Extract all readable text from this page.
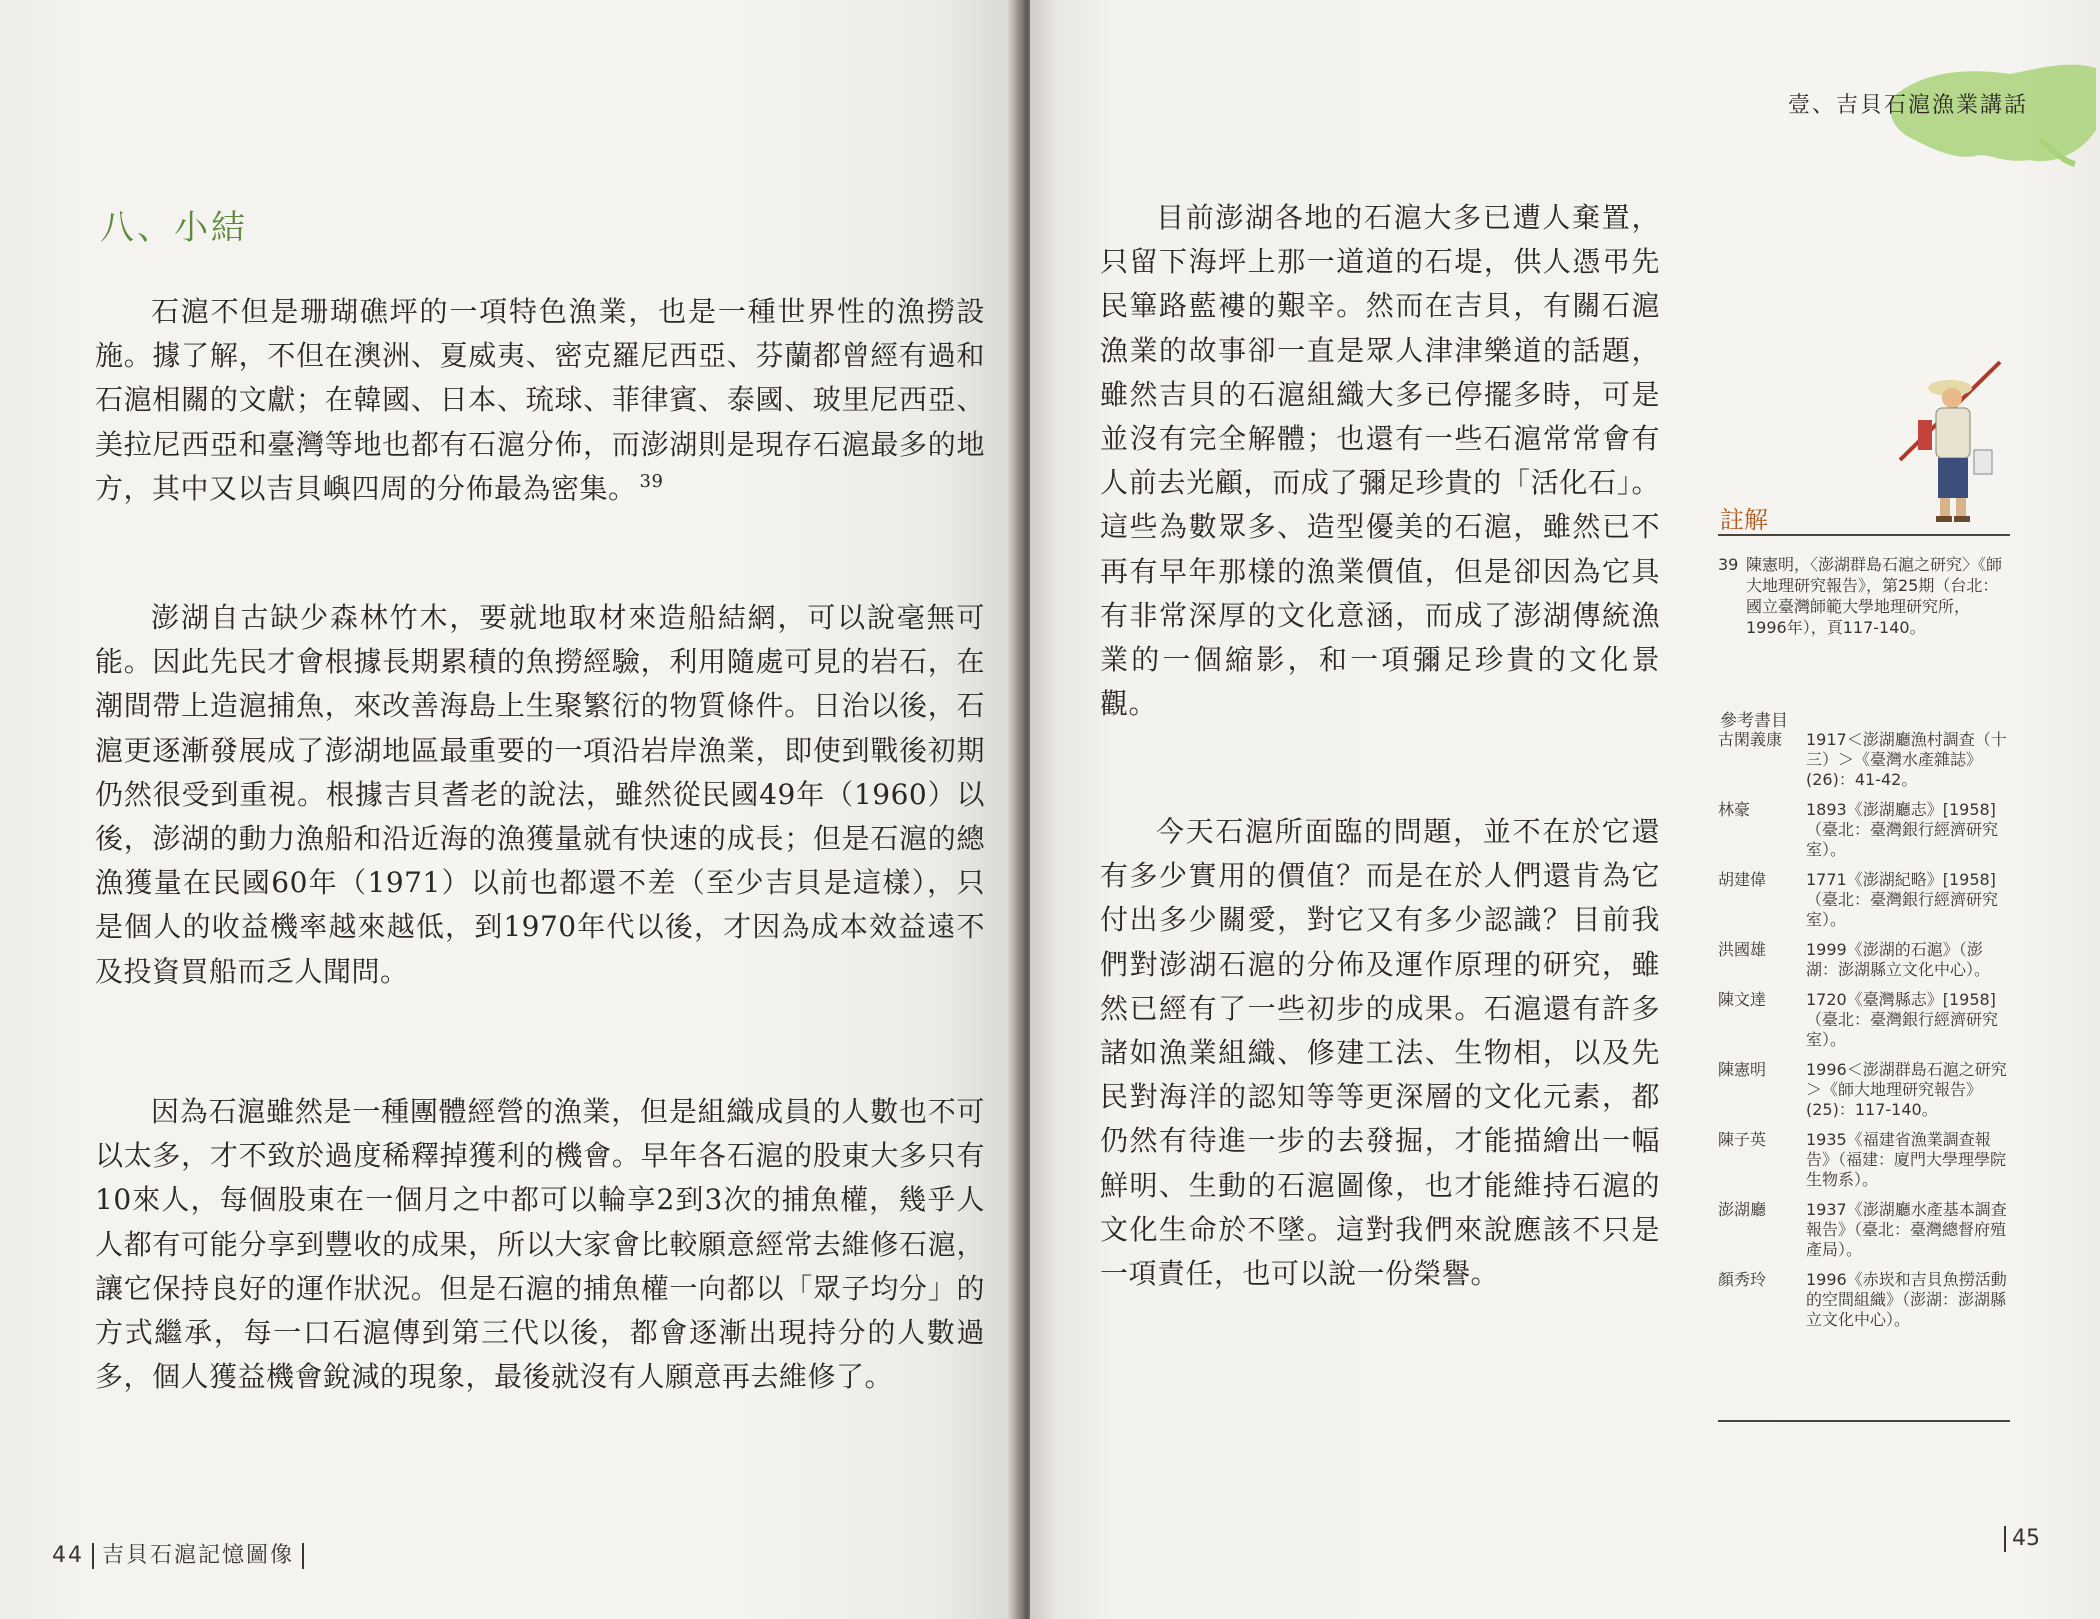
八、小結

石滬不但是珊瑚礁坪的一項特色漁業，也是一種世界性的漁撈設施。據了解，不但在澳洲、夏威夷、密克羅尼西亞、芬蘭都曾經有過和石滬相關的文獻；在韓國、日本、琉球、菲律賓、泰國、玻里尼西亞、美拉尼西亞和臺灣等地也都有石滬分佈，而澎湖則是現存石滬最多的地方，其中又以吉貝嶼四周的分佈最為密集。 $^{39}$

澎湖自古缺少森林竹木，要就地取材來造船結網，可以說毫無可能。因此先民才會根據長期累積的魚撈經驗，利用隨處可見的岩石，在潮間帶上造滬捕魚，來改善海島上生聚繁衍的物質條件。日治以後，石滬更逐漸發展成了澎湖地區最重要的一項沿岩岸漁業，即使到戰後初期仍然很受到重視。根據吉貝耆老的說法，雖然從民國49年（1960）以後，澎湖的動力漁船和沿近海的漁獲量就有快速的成長；但是石滬的總漁獲量在民國60年（1971）以前也都還不差（至少吉貝是這樣），只是個人的收益機率越來越低，到1970年代以後，才因為成本效益遠不及投資買船而乏人聞問。

因為石滬雖然是一種團體經營的漁業，但是組織成員的人數也不可以太多，才不致於過度稀釋掉獲利的機會。早年各石滬的股東大多只有10來人，每個股東在一個月之中都可以輪享2到3次的捕魚權，幾乎人人都有可能分享到豐收的成果，所以大家會比較願意經常去維修石滬，讓它保持良好的運作狀況。但是石滬的捕魚權一向都以「眾子均分」的方式繼承，每一口石滬傳到第三代以後，都會逐漸出現持分的人數過多，個人獲益機會銳減的現象，最後就沒有人願意再去維修了。

44 吉貝石滬記憶圖像
壹、吉貝石滬漁業講話

目前澎湖各地的石滬大多已遭人棄置，只留下海坪上那一道道的石堤，供人憑弔先民篳路藍褸的艱辛。然而在吉貝，有關石滬漁業的故事卻一直是眾人津津樂道的話題，雖然吉貝的石滬組織大多已停擺多時，可是並沒有完全解體；也還有一些石滬常常會有人前去光顧，而成了彌足珍貴的「活化石」。這些為數眾多、造型優美的石滬，雖然已不再有早年那樣的漁業價值，但是卻因為它具有非常深厚的文化意涵，而成了澎湖傳統漁業的一個縮影，和一項彌足珍貴的文化景觀。

今天石滬所面臨的問題，並不在於它還有多少實用的價值？而是在於人們還肯為它付出多少關愛，對它又有多少認識？目前我們對澎湖石滬的分佈及運作原理的研究，雖然已經有了一些初步的成果。石滬還有許多諸如漁業組織、修建工法、生物相，以及先民對海洋的認知等等更深層的文化元素，都仍然有待進一步的去發掘，才能描繪出一幅鮮明、生動的石滬圖像，也才能維持石滬的文化生命於不墜。這對我們來說應該不只是一項責任，也可以說一份榮譽。

註解
39 陳憲明，〈澎湖群島石滬之研究〉《師大地理研究報告》，第25期（台北：國立臺灣師範大學地理研究所，1996年），頁117-140。
參考書目
古閑義康	1917＜澎湖廳漁村調查（十三）＞《臺灣水產雜誌》(26)：41-42。
林豪	1893《澎湖廳志》[1958]（臺北：臺灣銀行經濟研究室）。
胡建偉	1771《澎湖紀略》[1958]（臺北：臺灣銀行經濟研究室）。
洪國雄	1999《澎湖的石滬》（澎湖：澎湖縣立文化中心）。
陳文達	1720《臺灣縣志》[1958]（臺北：臺灣銀行經濟研究室）。
陳憲明	1996＜澎湖群島石滬之研究＞《師大地理研究報告》(25)：117-140。
陳子英	1935《福建省漁業調查報告》（福建：廈門大學理學院生物系）。
澎湖廳	1937《澎湖廳水產基本調查報告》（臺北：臺灣總督府殖產局）。
顏秀玲	1996《赤崁和吉貝魚撈活動的空間組織》（澎湖：澎湖縣立文化中心）。
45
